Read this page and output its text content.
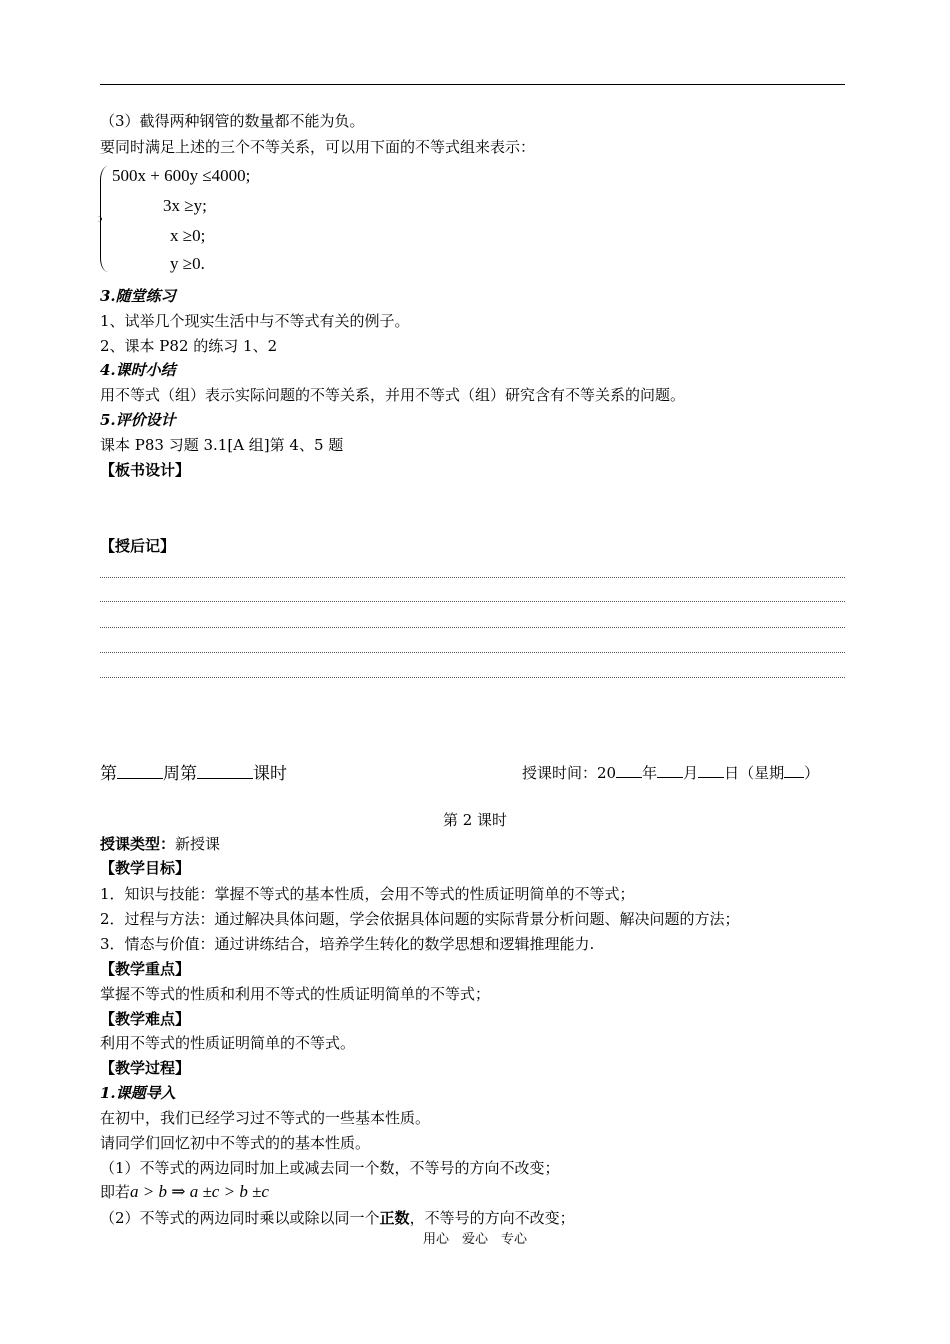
（3）截得两种钢管的数量都不能为负。
要同时满足上述的三个不等关系，可以用下面的不等式组来表示：
500x + 600y ≤4000;
3x ≥y;
x ≥0;
y ≥0.
3.随堂练习
1、试举几个现实生活中与不等式有关的例子。
2、课本 P82 的练习 1、2
4.课时小结
用不等式（组）表示实际问题的不等关系，并用不等式（组）研究含有不等关系的问题。
5.评价设计
课本 P83 习题 3.1[A 组]第 4、5 题
【板书设计】
【授后记】
第	周第	课时	授课时间：20 年 月 日（星期 ）
第 2 课时
授课类型：新授课
【教学目标】
1．知识与技能：掌握不等式的基本性质，会用不等式的性质证明简单的不等式；
2．过程与方法：通过解决具体问题，学会依据具体问题的实际背景分析问题、解决问题的方法；
3．情态与价值：通过讲练结合，培养学生转化的数学思想和逻辑推理能力.
【教学重点】
掌握不等式的性质和利用不等式的性质证明简单的不等式；
【教学难点】
利用不等式的性质证明简单的不等式。
【教学过程】
1.课题导入
在初中，我们已经学习过不等式的一些基本性质。
请同学们回忆初中不等式的的基本性质。
（1）不等式的两边同时加上或减去同一个数，不等号的方向不改变；
即若a > b ⇒ a ±c > b ±c
（2）不等式的两边同时乘以或除以同一个正数，不等号的方向不改变；
用心　爱心　专心
